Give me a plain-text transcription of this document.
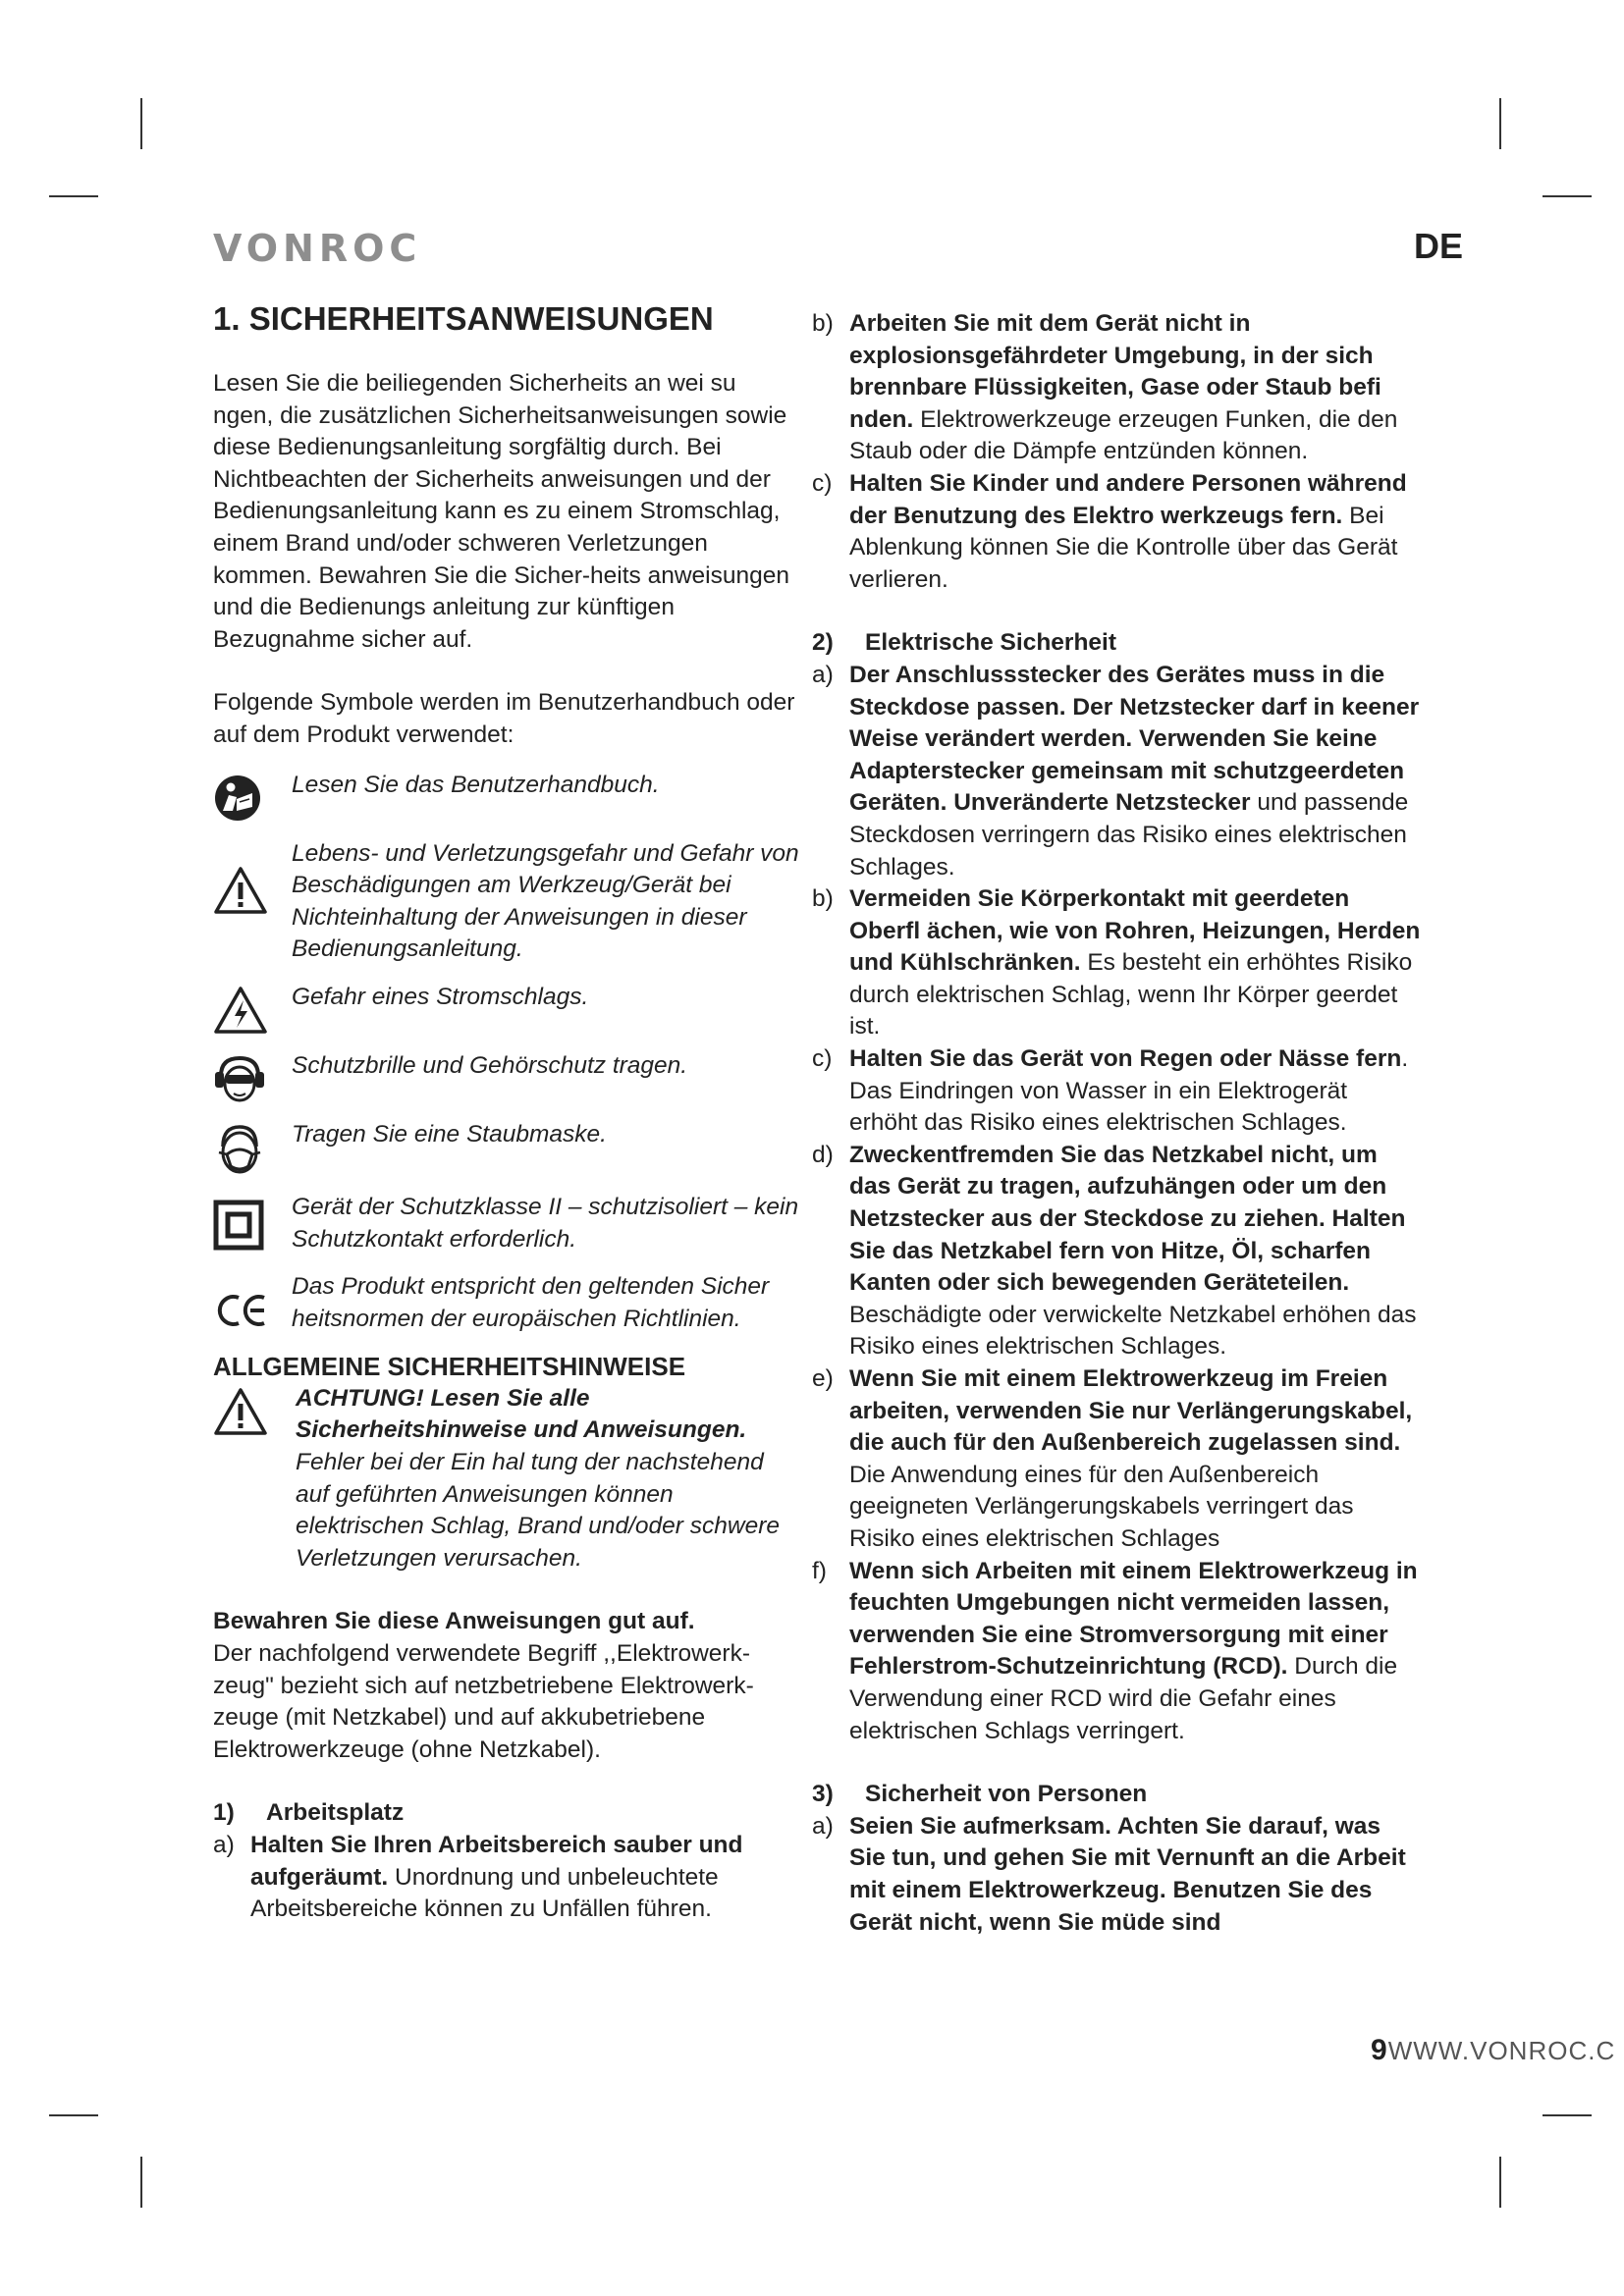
VONROC	DE
1. SICHERHEITSANWEISUNGEN

Lesen Sie die beiliegenden Sicherheits an wei su ngen, die zusätzlichen Sicherheitsanweisungen sowie diese Bedienungsanleitung sorgfältig durch. Bei Nichtbeachten der Sicherheits anweisungen und der Bedienungsanleitung kann es zu einem Stromschlag, einem Brand und/oder schweren Verletzungen kommen. Bewahren Sie die Sicher-heits anweisungen und die Bedienungs anleitung zur künftigen Bezugnahme sicher auf.

Folgende Symbole werden im Benutzerhandbuch oder auf dem Produkt verwendet:

Lesen Sie das Benutzerhandbuch.
Lebens- und Verletzungsgefahr und Gefahr von Beschädigungen am Werkzeug/Gerät bei Nichteinhaltung der Anweisungen in dieser Bedienungsanleitung.
Gefahr eines Stromschlags.
Schutzbrille und Gehörschutz tragen.
Tragen Sie eine Staubmaske.
Gerät der Schutzklasse II – schutzisoliert – kein Schutzkontakt erforderlich.
Das Produkt entspricht den geltenden Sicher heitsnormen der europäischen Richtlinien.
ALLGEMEINE SICHERHEITSHINWEISE
ACHTUNG! Lesen Sie alle Sicherheitshinweise und Anweisungen. Fehler bei der Ein hal tung der nachstehend auf geführten Anweisungen können elektrischen Schlag, Brand und/oder schwere Verletzungen verursachen.

Bewahren Sie diese Anweisungen gut auf.

Der nachfolgend verwendete Begriff ,,Elektrowerk-zeug" bezieht sich auf netzbetriebene Elektrowerk-zeuge (mit Netzkabel) und auf akkubetriebene Elektrowerkzeuge (ohne Netzkabel).

1)	Arbeitsplatz
a) Halten Sie Ihren Arbeitsbereich sauber und aufgeräumt. Unordnung und unbeleuchtete Arbeitsbereiche können zu Unfällen führen.
b) Arbeiten Sie mit dem Gerät nicht in explosionsgefährdeter Umgebung, in der sich brennbare Flüssigkeiten, Gase oder Staub befi nden. Elektrowerkzeuge erzeugen Funken, die den Staub oder die Dämpfe entzünden können.
c) Halten Sie Kinder und andere Personen während der Benutzung des Elektro werkzeugs fern. Bei Ablenkung können Sie die Kontrolle über das Gerät verlieren.
2)	Elektrische Sicherheit
a) Der Anschlussstecker des Gerätes muss in die Steckdose passen. Der Netzstecker darf in keener Weise verändert werden. Verwenden Sie keine Adapterstecker gemeinsam mit schutzgeerdeten Geräten. Unveränderte Netzstecker und passende Steckdosen verringern das Risiko eines elektrischen Schlages.
b) Vermeiden Sie Körperkontakt mit geerdeten Oberfl ächen, wie von Rohren, Heizungen, Herden und Kühlschränken. Es besteht ein erhöhtes Risiko durch elektrischen Schlag, wenn Ihr Körper geerdet ist.
c) Halten Sie das Gerät von Regen oder Nässe fern. Das Eindringen von Wasser in ein Elektrogerät erhöht das Risiko eines elektrischen Schlages.
d) Zweckentfremden Sie das Netzkabel nicht, um das Gerät zu tragen, aufzuhängen oder um den Netzstecker aus der Steckdose zu ziehen. Halten Sie das Netzkabel fern von Hitze, Öl, scharfen Kanten oder sich bewegenden Geräteteilen. Beschädigte oder verwickelte Netzkabel erhöhen das Risiko eines elektrischen Schlages.
e) Wenn Sie mit einem Elektrowerkzeug im Freien arbeiten, verwenden Sie nur Verlängerungskabel, die auch für den Außenbereich zugelassen sind. Die Anwendung eines für den Außenbereich geeigneten Verlängerungskabels verringert das Risiko eines elektrischen Schlages
f) Wenn sich Arbeiten mit einem Elektrowerkzeug in feuchten Umgebungen nicht vermeiden lassen, verwenden Sie eine Stromversorgung mit einer Fehlerstrom-Schutzeinrichtung (RCD). Durch die Verwendung einer RCD wird die Gefahr eines elektrischen Schlags verringert.
3)	Sicherheit von Personen
a) Seien Sie aufmerksam. Achten Sie darauf, was Sie tun, und gehen Sie mit Vernunft an die Arbeit mit einem Elektrowerkzeug. Benutzen Sie des Gerät nicht, wenn Sie müde sind
9WWW.VONROC.C
